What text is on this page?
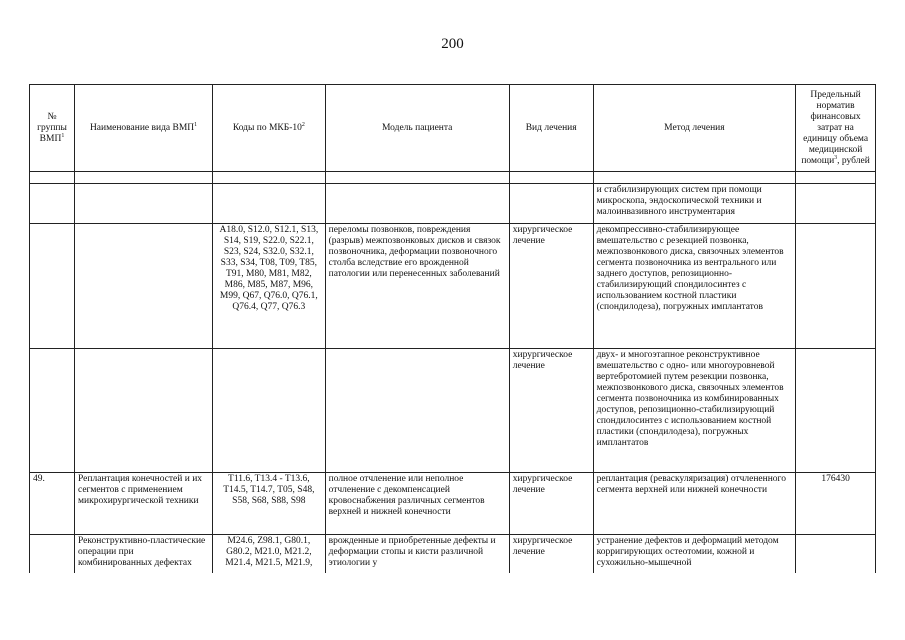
200
№ группы ВМП$^1$	Наименование вида ВМП$^1$	Коды по МКБ-$10^2$	Модель пациента	Вид лечения	Метод лечения	Предельный норматив финансовых затрат на единицу объема медицинской помощи$^3$, рублей

					и стабилизирующих систем при помощи микроскопа, эндоскопической техники и малоинвазивного инструментария	
		A18.0, S12.0, S12.1, S13, S14, S19, S22.0, S22.1, S23, S24, S32.0, S32.1, S33, S34, T08, T09, T85, T91, M80, M81, M82, M86, M85, M87, M96, M99, Q67, Q76.0, Q76.1, Q76.4, Q77, Q76.3	переломы позвонков, повреждения (разрыв) межпозвонковых дисков и связок позвоночника, деформации позвоночного столба вследствие его врожденной патологии или перенесенных заболеваний	хирургическое лечение	декомпрессивно-стабилизирующее вмешательство с резекцией позвонка, межпозвонкового диска, связочных элементов сегмента позвоночника из вентрального или заднего доступов, репозиционно-стабилизирующий спондилосинтез с использованием костной пластики (спондилодеза), погружных имплантатов	
				хирургическое лечение	двух- и многоэтапное реконструктивное вмешательство с одно- или многоуровневой вертебротомией путем резекции позвонка, межпозвонкового диска, связочных элементов сегмента позвоночника из комбинированных доступов, репозиционно-стабилизирующий спондилосинтез с использованием костной пластики (спондилодеза), погружных имплантатов	
49.	Реплантация конечностей и их сегментов с применением микрохирургической техники	T11.6, T13.4 - T13.6, T14.5, T14.7, T05, S48, S58, S68, S88, S98	полное отчленение или неполное отчленение с декомпенсацией кровоснабжения различных сегментов верхней и нижней конечности	хирургическое лечение	реплантация (реваскуляризация) отчлененного сегмента верхней или нижней конечности	176430
	Реконструктивно-пластические операции при комбинированных дефектах	M24.6, Z98.1, G80.1, G80.2, M21.0, M21.2, M21.4, M21.5, M21.9,	врожденные и приобретенные дефекты и деформации стопы и кисти различной этиологии у	хирургическое лечение	устранение дефектов и деформаций методом корригирующих остеотомии, кожной и сухожильно-мышечной	
